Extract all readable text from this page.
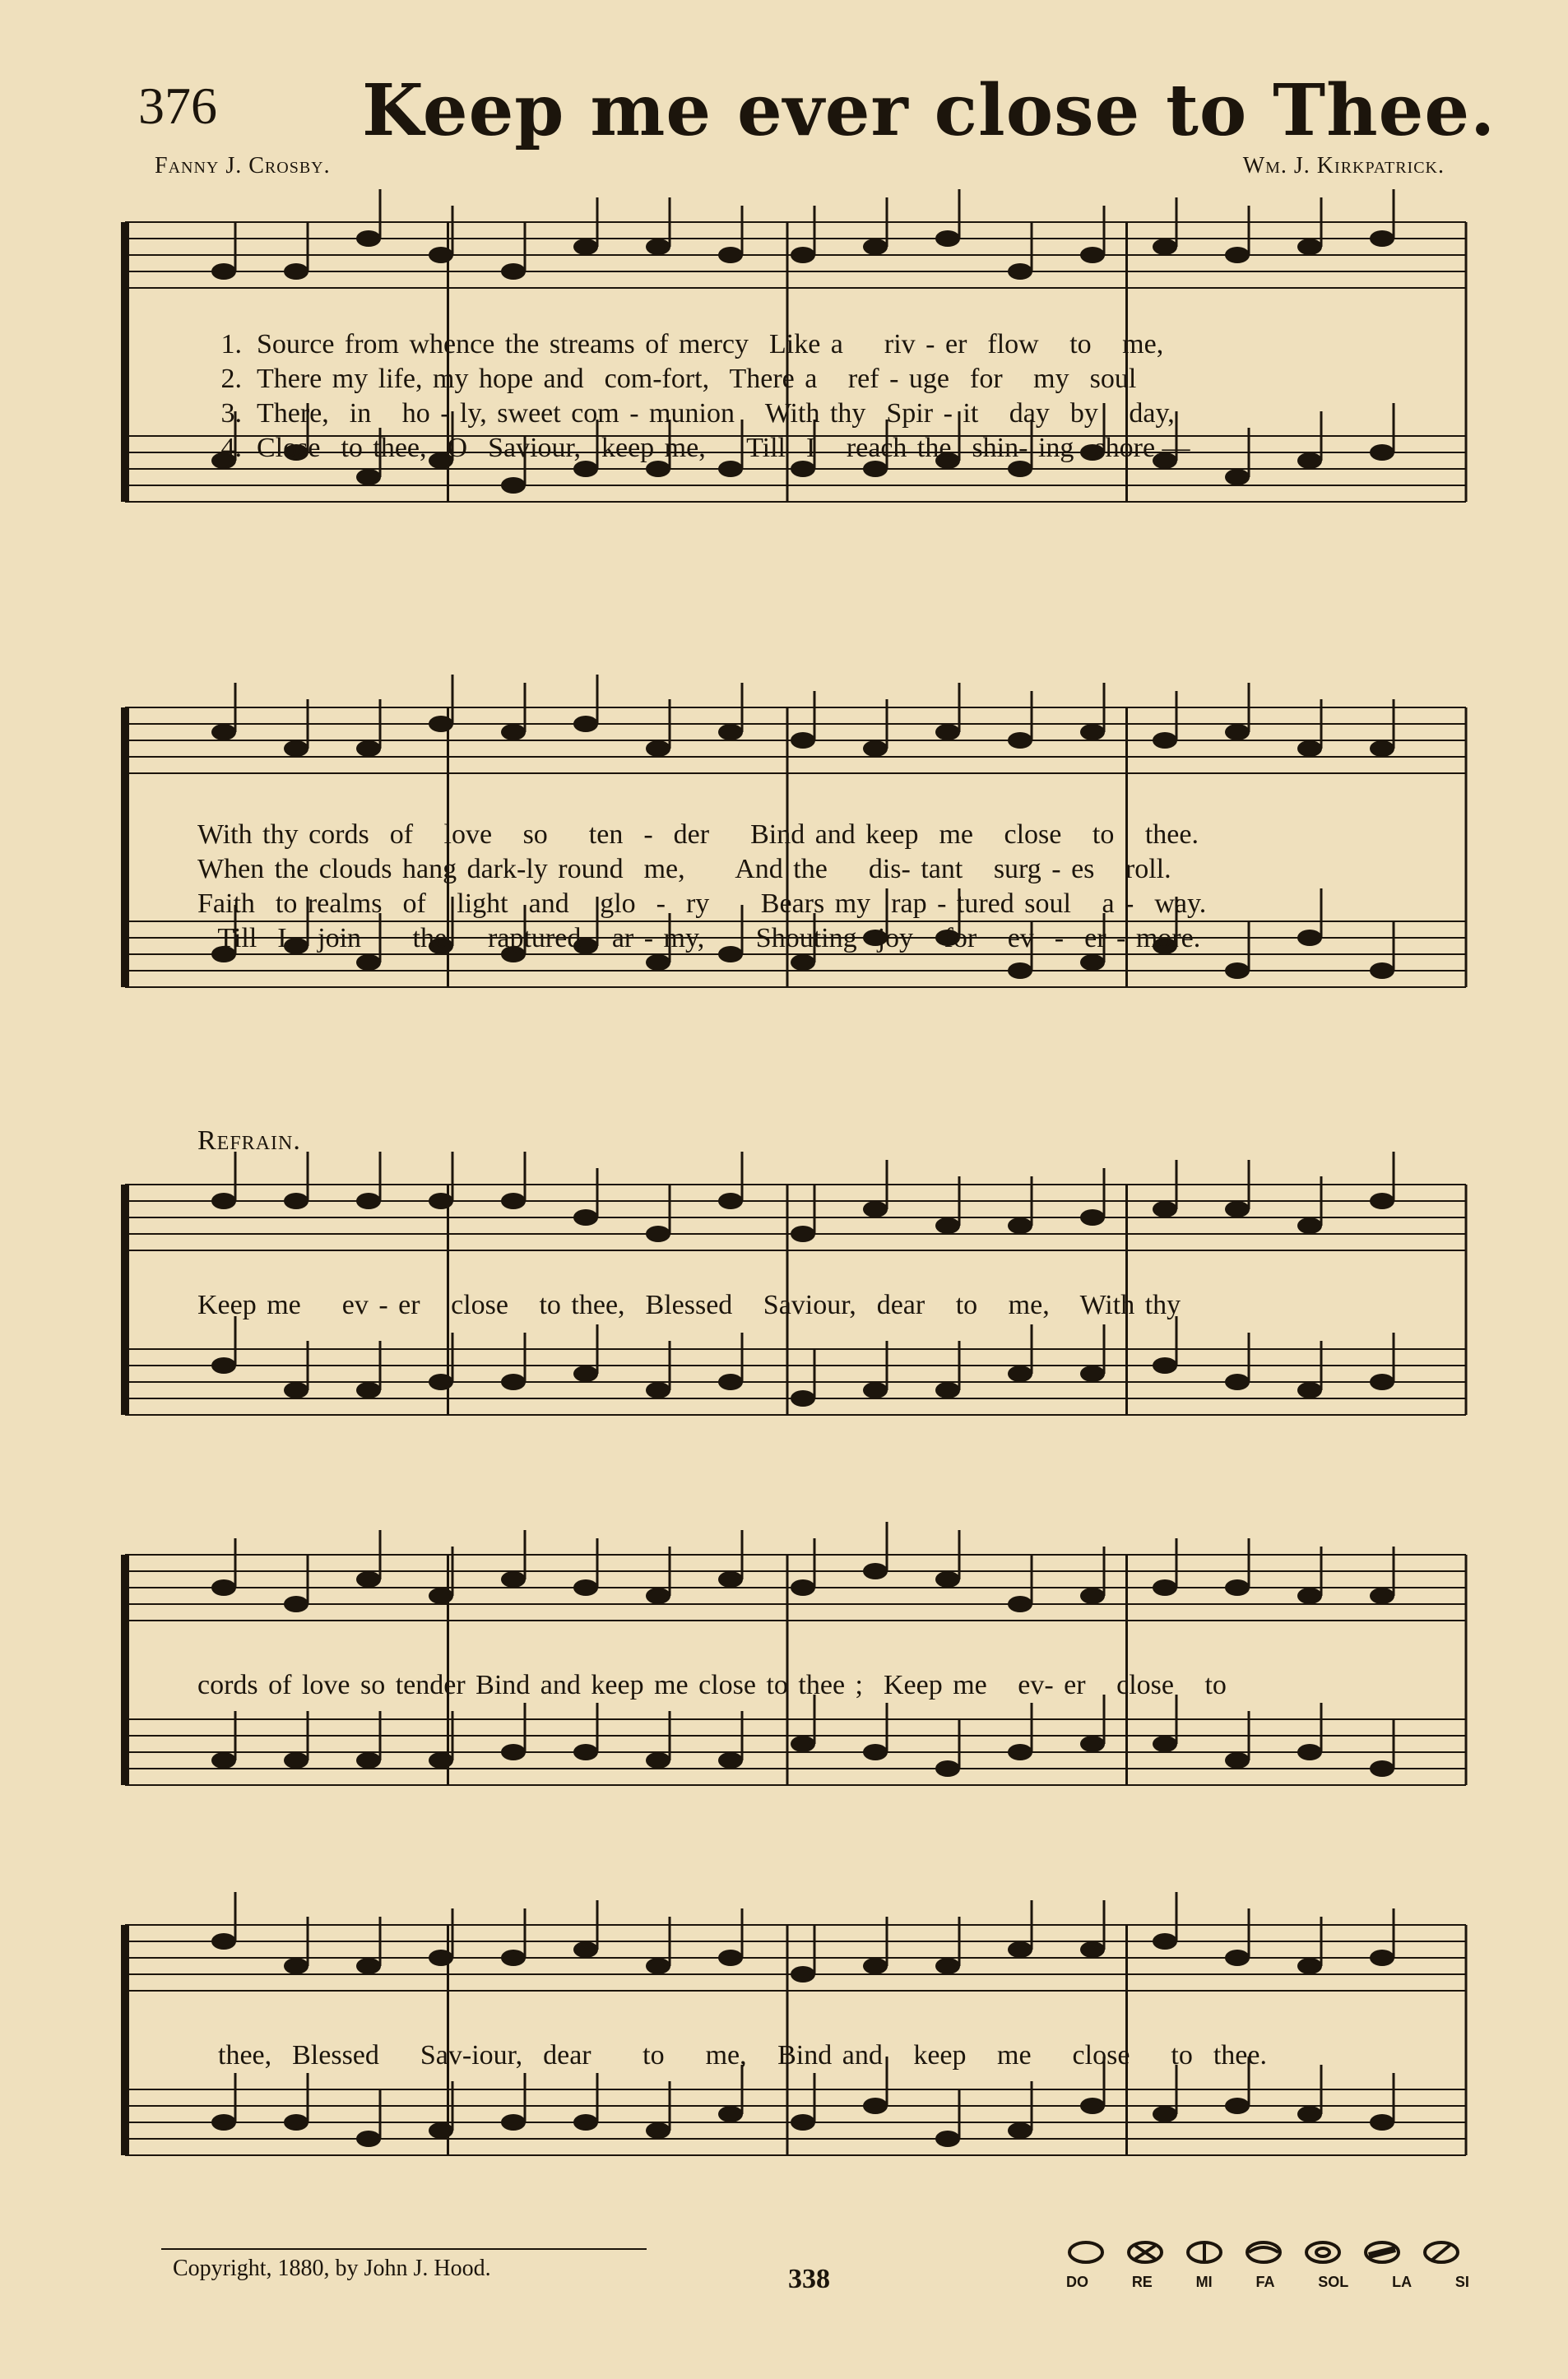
376 Keep me ever close to Thee.
Fanny J. Crosby.	Wm. J. Kirkpatrick.
1. Source from whence the streams of mercy  Like a    riv - er  flow   to   me,
2. There my life, my hope and  com-fort,  There a   ref - uge  for   my  soul
3. There,  in   ho - ly, sweet com - munion   With thy  Spir - it   day  by   day,
4. Close  to thee,  O  Saviour,  keep me,    Till  I   reach the  shin- ing  shore,—
With thy cords  of   love   so    ten  -  der    Bind and keep  me   close   to   thee.
When the clouds hang dark-ly round  me,     And the    dis- tant   surg - es   roll.
Faith  to realms  of   light  and   glo  -  ry     Bears my  rap - tured soul   a -  way.
Till  I   join     the    raptured   ar - my,     Shouting  joy   for   ev  -  er - more.
Refrain.
Keep me    ev - er   close   to thee,  Blessed   Saviour,  dear   to   me,   With thy
cords of love so tender Bind and keep me close to thee ;  Keep me   ev- er   close   to
thee,  Blessed    Sav-iour,  dear     to    me,   Bind and   keep   me    close    to  thee.
Copyright, 1880, by John J. Hood.	338	DO	RE	MI	FA	SOL	LA	SI
